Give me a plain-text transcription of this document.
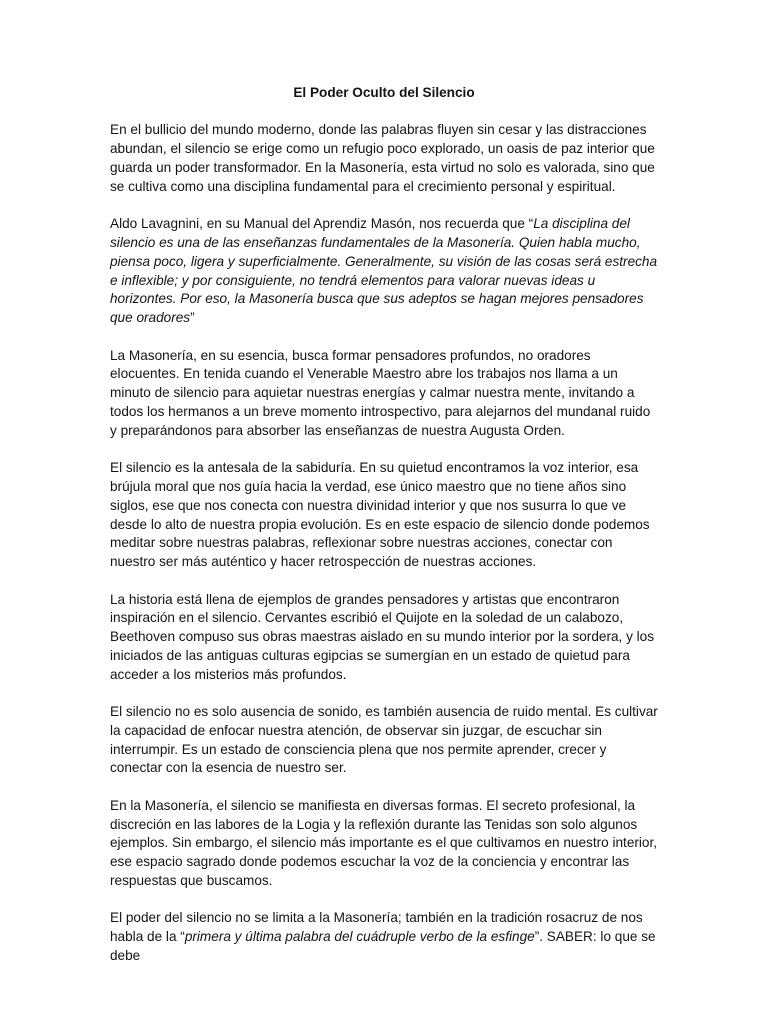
El Poder Oculto del Silencio

En el bullicio del mundo moderno, donde las palabras fluyen sin cesar y las distracciones abundan, el silencio se erige como un refugio poco explorado, un oasis de paz interior que guarda un poder transformador. En la Masonería, esta virtud no solo es valorada, sino que se cultiva como una disciplina fundamental para el crecimiento personal y espiritual.

Aldo Lavagnini, en su Manual del Aprendiz Masón, nos recuerda que “La disciplina del silencio es una de las enseñanzas fundamentales de la Masonería. Quien habla mucho, piensa poco, ligera y superficialmente. Generalmente, su visión de las cosas será estrecha e inflexible; y por consiguiente, no tendrá elementos para valorar nuevas ideas u horizontes. Por eso, la Masonería busca que sus adeptos se hagan mejores pensadores que oradores”

La Masonería, en su esencia, busca formar pensadores profundos, no oradores elocuentes. En tenida cuando el Venerable Maestro abre los trabajos nos llama a un minuto de silencio para aquietar nuestras energías y calmar nuestra mente, invitando a todos los hermanos a un breve momento introspectivo, para alejarnos del mundanal ruido y preparándonos para absorber las enseñanzas de nuestra Augusta Orden.

El silencio es la antesala de la sabiduría. En su quietud encontramos la voz interior, esa brújula moral que nos guía hacia la verdad, ese único maestro que no tiene años sino siglos, ese que nos conecta con nuestra divinidad interior y que nos susurra lo que ve desde lo alto de nuestra propia evolución. Es en este espacio de silencio donde podemos meditar sobre nuestras palabras, reflexionar sobre nuestras acciones, conectar con nuestro ser más auténtico y hacer retrospección de nuestras acciones.

La historia está llena de ejemplos de grandes pensadores y artistas que encontraron inspiración en el silencio. Cervantes escribió el Quijote en la soledad de un calabozo, Beethoven compuso sus obras maestras aislado en su mundo interior por la sordera, y los iniciados de las antiguas culturas egipcias se sumergían en un estado de quietud para acceder a los misterios más profundos.

El silencio no es solo ausencia de sonido, es también ausencia de ruido mental. Es cultivar la capacidad de enfocar nuestra atención, de observar sin juzgar, de escuchar sin interrumpir. Es un estado de consciencia plena que nos permite aprender, crecer y conectar con la esencia de nuestro ser.

En la Masonería, el silencio se manifiesta en diversas formas. El secreto profesional, la discreción en las labores de la Logia y la reflexión durante las Tenidas son solo algunos ejemplos. Sin embargo, el silencio más importante es el que cultivamos en nuestro interior, ese espacio sagrado donde podemos escuchar la voz de la conciencia y encontrar las respuestas que buscamos.

El poder del silencio no se limita a la Masonería; también en la tradición rosacruz de nos habla de la “primera y última palabra del cuádruple verbo de la esfinge”. SABER: lo que se debe
